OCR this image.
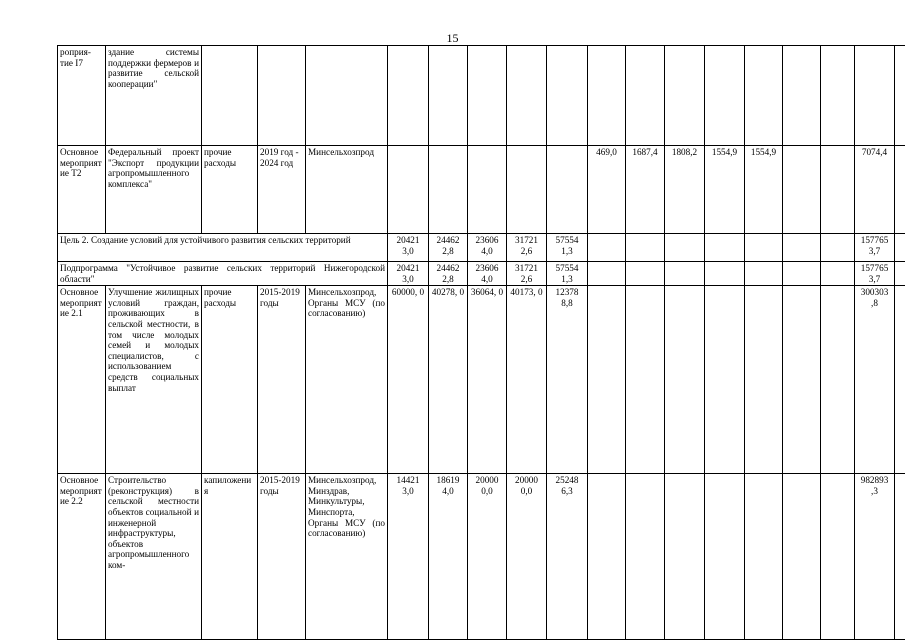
15
роприя-тие I7	здание системы поддержки фермеров и развитие сельской кооперации"																	
Основное мероприятие Т2	Федеральный проект "Экспорт продукции агропромышленного комплекса"	прочие расходы	2019 год - 2024 год	Минсельхозпрод						469,0	1687,4	1808,2	1554,9	1554,9			7074,4	
Цель 2. Создание условий для устойчивого развития сельских территорий					20421 3,0	24462 2,8	23606 4,0	31721 2,6	57554 1,3								157765 3,7	
Подпрограмма "Устойчивое развитие сельских территорий Нижегородской области"					20421 3,0	24462 2,8	23606 4,0	31721 2,6	57554 1,3								157765 3,7	
Основное мероприятие 2.1	Улучшение жилищных условий граждан, проживающих в сельской местности, в том числе молодых семей и молодых специалистов, с использованием средств социальных выплат	прочие расходы	2015-2019 годы	Минсельхозпрод, Органы МСУ (по согласованию)	60000, 0	40278, 0	36064, 0	40173, 0	12378 8,8								300303 ,8	
Основное мероприятие 2.2	Строительство (реконструкция) в сельской местности объектов социальной и инженерной инфраструктуры, объектов агропромышленного ком-	капиложения	2015-2019 годы	Минсельхозпрод, Минздрав, Минкультуры, Минспорта, Органы МСУ (по согласованию)	14421 3,0	18619 4,0	20000 0,0	20000 0,0	25248 6,3								982893 ,3	
